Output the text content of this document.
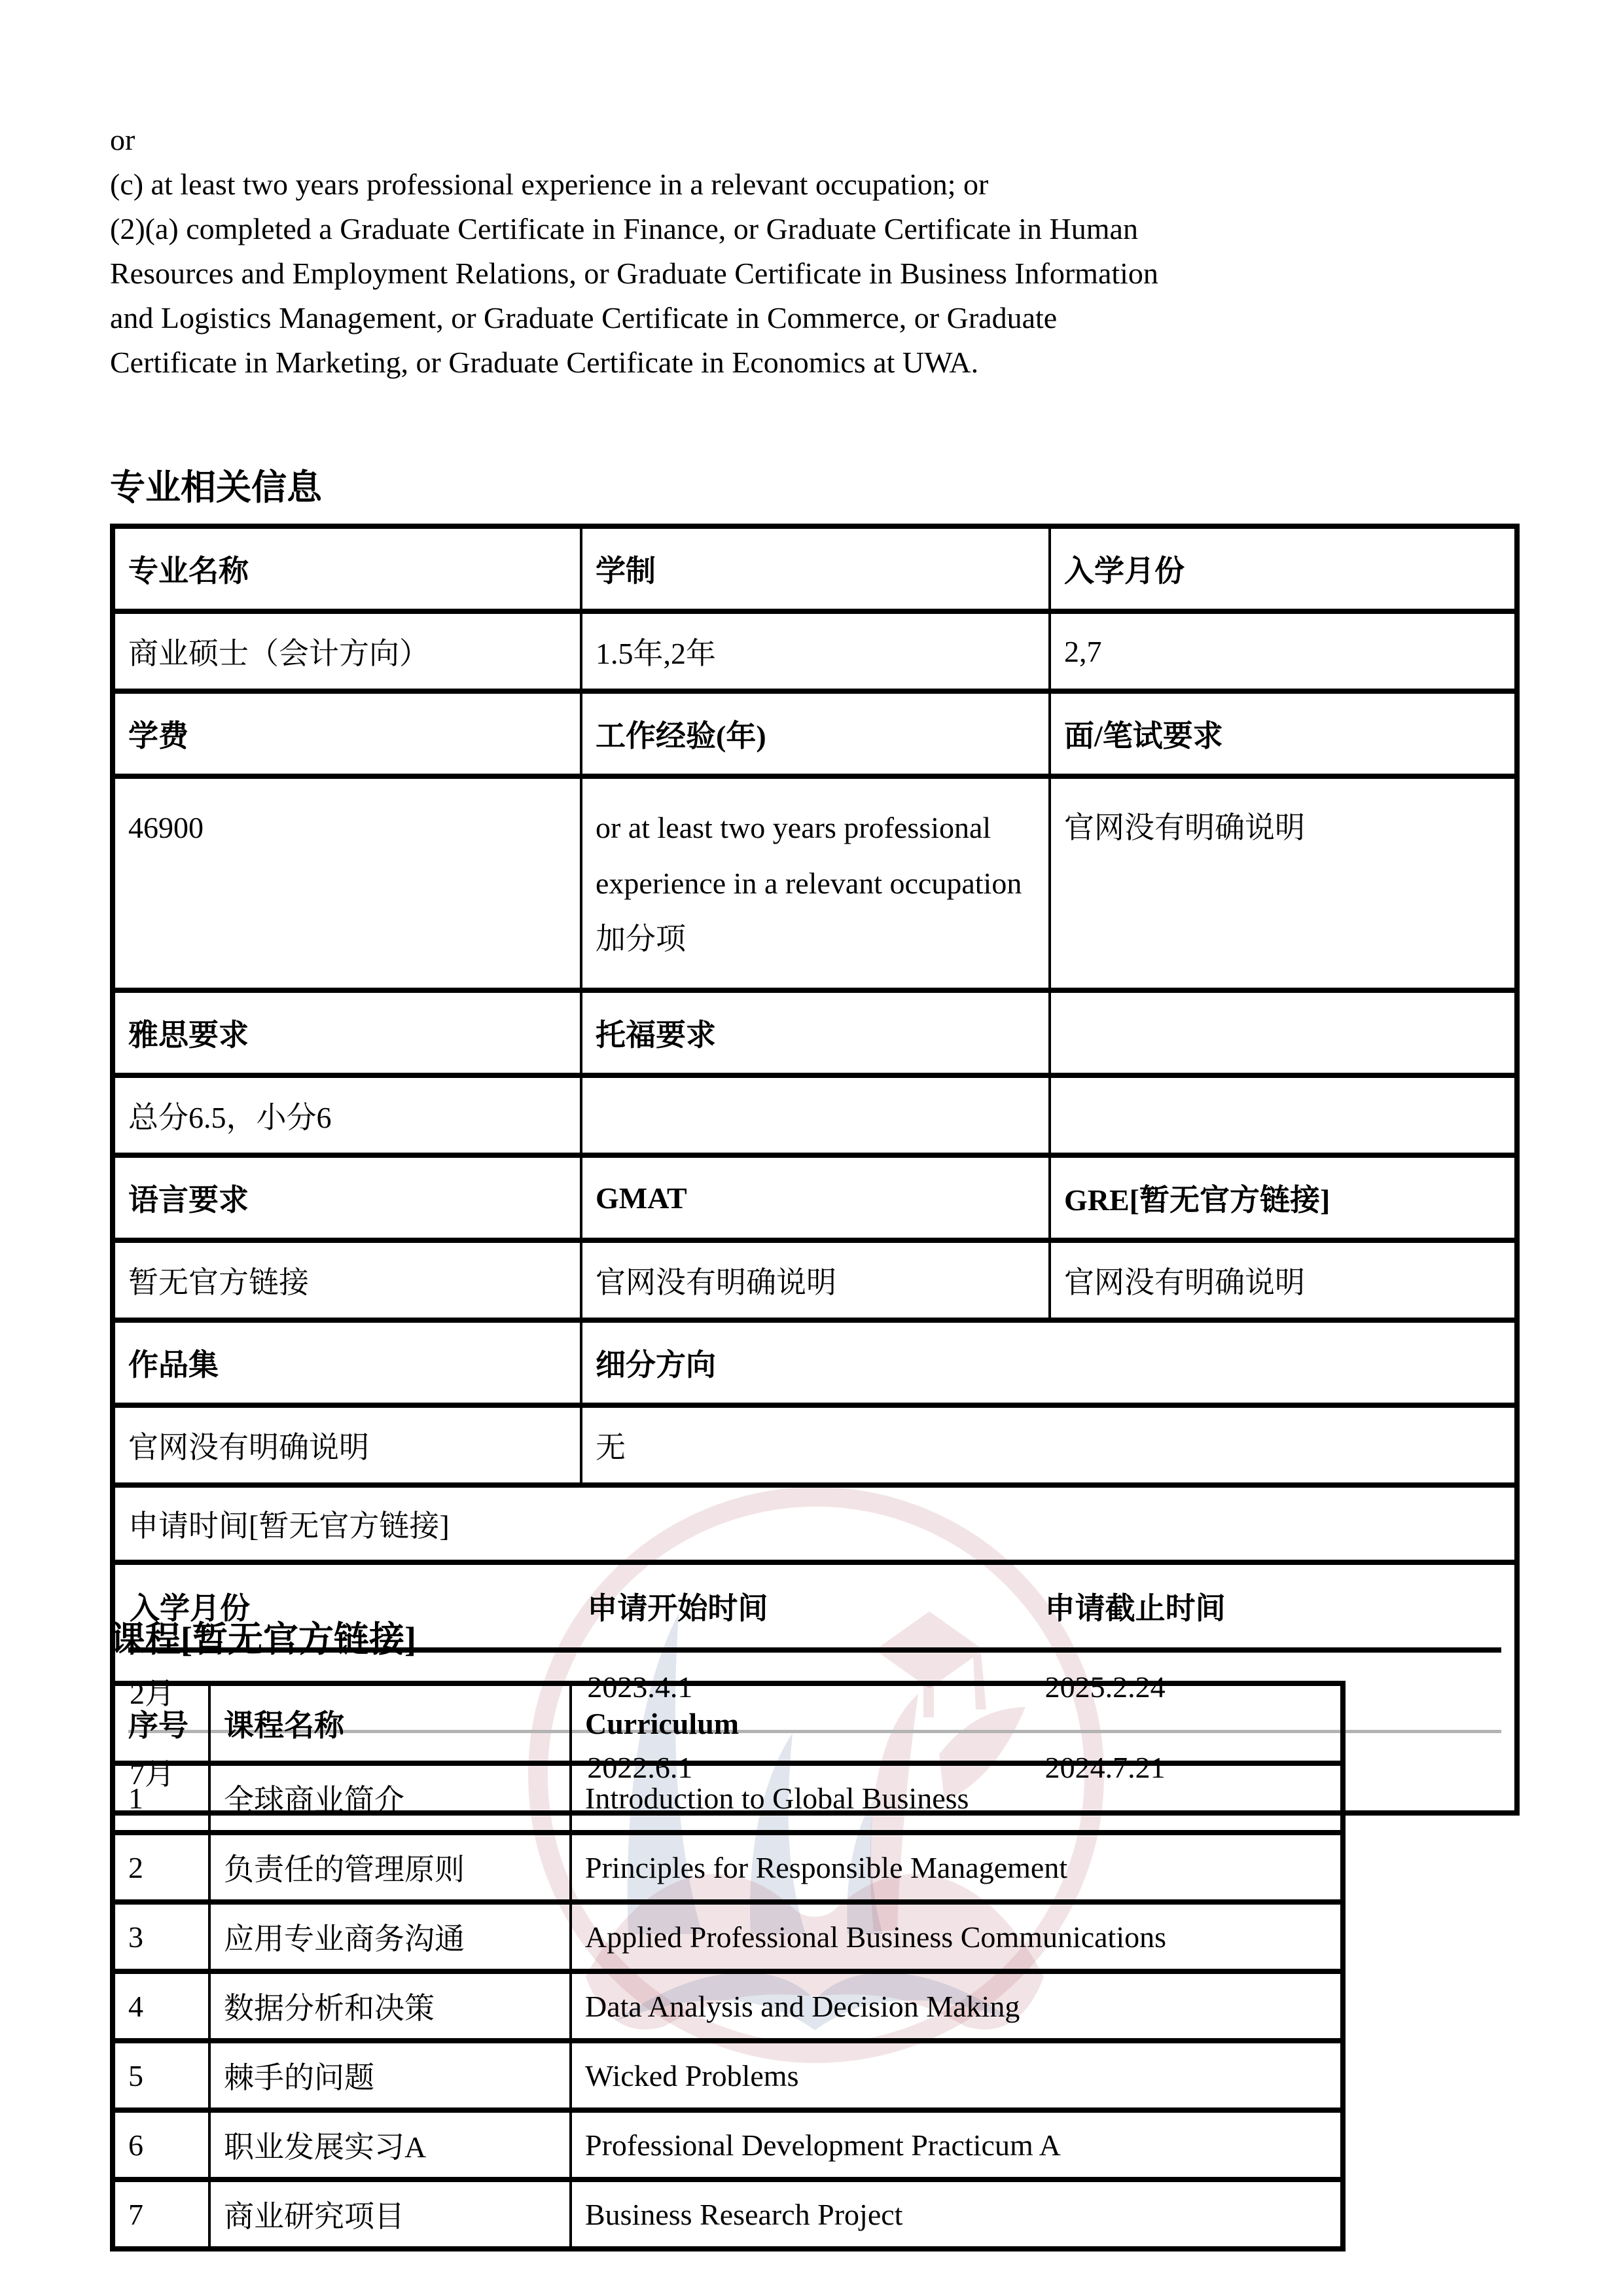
or
(c) at least two years professional experience in a relevant occupation; or
(2)(a) completed a Graduate Certificate in Finance, or Graduate Certificate in Human
Resources and Employment Relations, or Graduate Certificate in Business Information
and Logistics Management, or Graduate Certificate in Commerce, or Graduate
Certificate in Marketing, or Graduate Certificate in Economics at UWA.
专业相关信息
专业名称	学制	入学月份
商业硕士（会计方向）	1.5年,2年	2,7
学费	工作经验(年)	面/笔试要求
46900	or at least two years professional experience in a relevant occupation加分项	官网没有明确说明
雅思要求	托福要求	
总分6.5，小分6		
语言要求	GMAT	GRE[暂无官方链接]
暂无官方链接	官网没有明确说明	官网没有明确说明
作品集	细分方向	
官网没有明确说明	无	
申请时间[暂无官方链接]		

入学月份 申请开始时间 申请截止时间		

2月 2023.4.1 2025.2.24		

7月 2022.6.1 2024.7.21		
课程[暂无官方链接]
序号	课程名称	Curriculum
1	全球商业简介	Introduction to Global Business
2	负责任的管理原则	Principles for Responsible Management
3	应用专业商务沟通	Applied Professional Business Communications
4	数据分析和决策	Data Analysis and Decision Making
5	棘手的问题	Wicked Problems
6	职业发展实习A	Professional Development Practicum A
7	商业研究项目	Business Research Project
